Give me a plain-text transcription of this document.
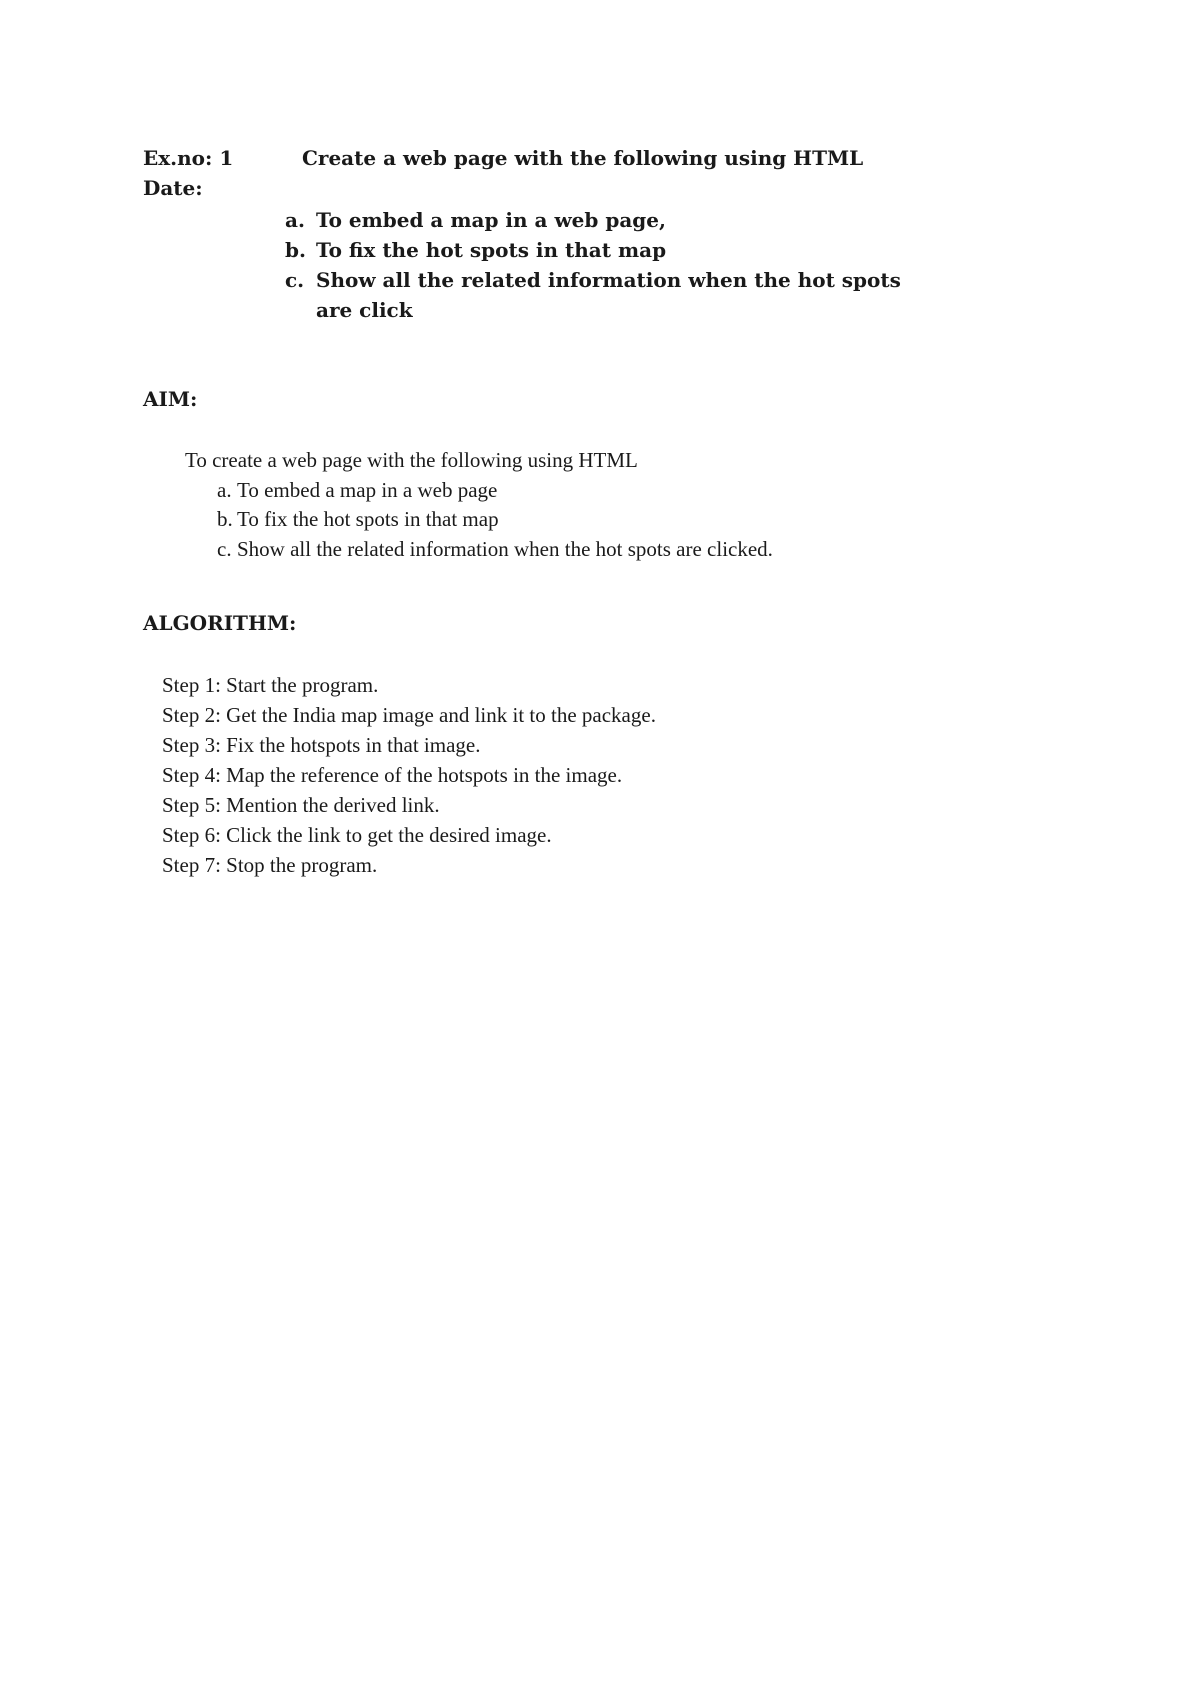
Ex.no: 1	Create a web page with the following using HTML
Date:
a. To embed a map in a web page,
b. To fix the hot spots in that map
c. Show all the related information when the hot spots are click
AIM:
To create a web page with the following using HTML
a. To embed a map in a web page
b. To fix the hot spots in that map
c. Show all the related information when the hot spots are clicked.
ALGORITHM:
Step 1: Start the program.
Step 2: Get the India map image and link it to the package.
Step 3: Fix the hotspots in that image.
Step 4: Map the reference of the hotspots in the image.
Step 5: Mention the derived link.
Step 6: Click the link to get the desired image.
Step 7: Stop the program.
